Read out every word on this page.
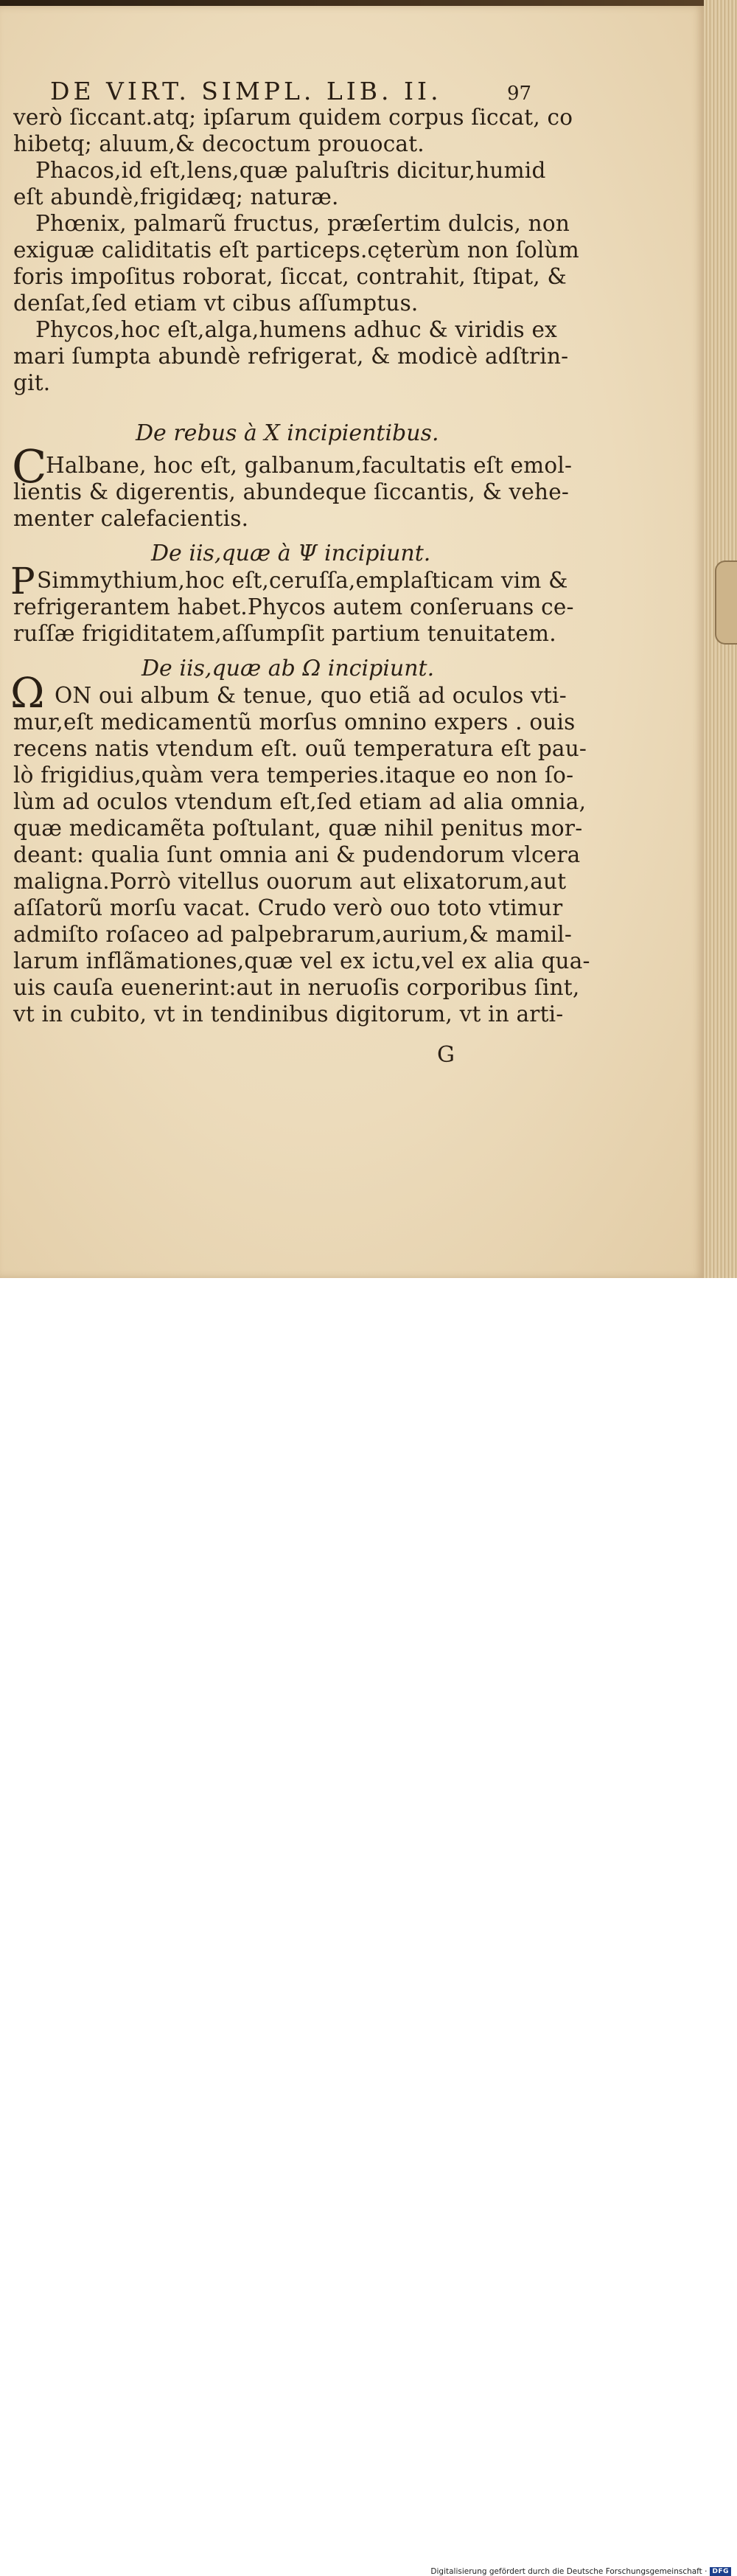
DE VIRT. SIMPL. LIB. II.	97
verò ſiccant.atq; ipſarum quidem corpus ſiccat, co
hibetq; aluum,& decoctum prouocat.
Phacos,id eſt,lens,quæ paluſtris dicitur,humid
eſt abundè,frigidæq; naturæ.
Phœnix, palmarũ fructus, præſertim dulcis, non
exiguæ caliditatis eſt particeps.cęterùm non ſolùm
foris impoſitus roborat, ſiccat, contrahit, ſtipat, &
denſat,ſed etiam vt cibus aſſumptus.
Phycos,hoc eſt,alga,humens adhuc & viridis ex
mari ſumpta abundè refrigerat, & modicè adſtrin-
git.
De rebus à Χ incipientibus.
C
Halbane, hoc eſt, galbanum,facultatis eſt emol-
lientis & digerentis, abundeque ſiccantis, & vehe-
menter calefacientis.
De iis,quæ à Ψ incipiunt.
P Simmythium,hoc eſt,ceruſſa,emplaſticam vim &
refrigerantem habet.Phycos autem conſeruans ce-
ruſſæ frigiditatem,aſſumpſit partium tenuitatem.
De iis,quæ ab Ω incipiunt.
Ω ON oui album & tenue, quo etiã ad oculos vti-
mur,eſt medicamentũ morſus omnino expers . ouis
recens natis vtendum eſt. ouũ temperatura eſt pau-
lò frigidius,quàm vera temperies.itaque eo non ſo-
lùm ad oculos vtendum eſt,ſed etiam ad alia omnia,
quæ medicamẽta poſtulant, quæ nihil penitus mor-
deant: qualia ſunt omnia ani & pudendorum vlcera
maligna.Porrò vitellus ouorum aut elixatorum,aut
aſſatorũ morſu vacat. Crudo verò ouo toto vtimur
admiſto roſaceo ad palpebrarum,aurium,& mamil-
larum inflãmationes,quæ vel ex ictu,vel ex alia qua-
uis cauſa euenerint:aut in neruoſis corporibus ſint,
vt in cubito, vt in tendinibus digitorum, vt in arti-
G
Digitalisierung gefördert durch die Deutsche Forschungsgemeinschaft · DFG
